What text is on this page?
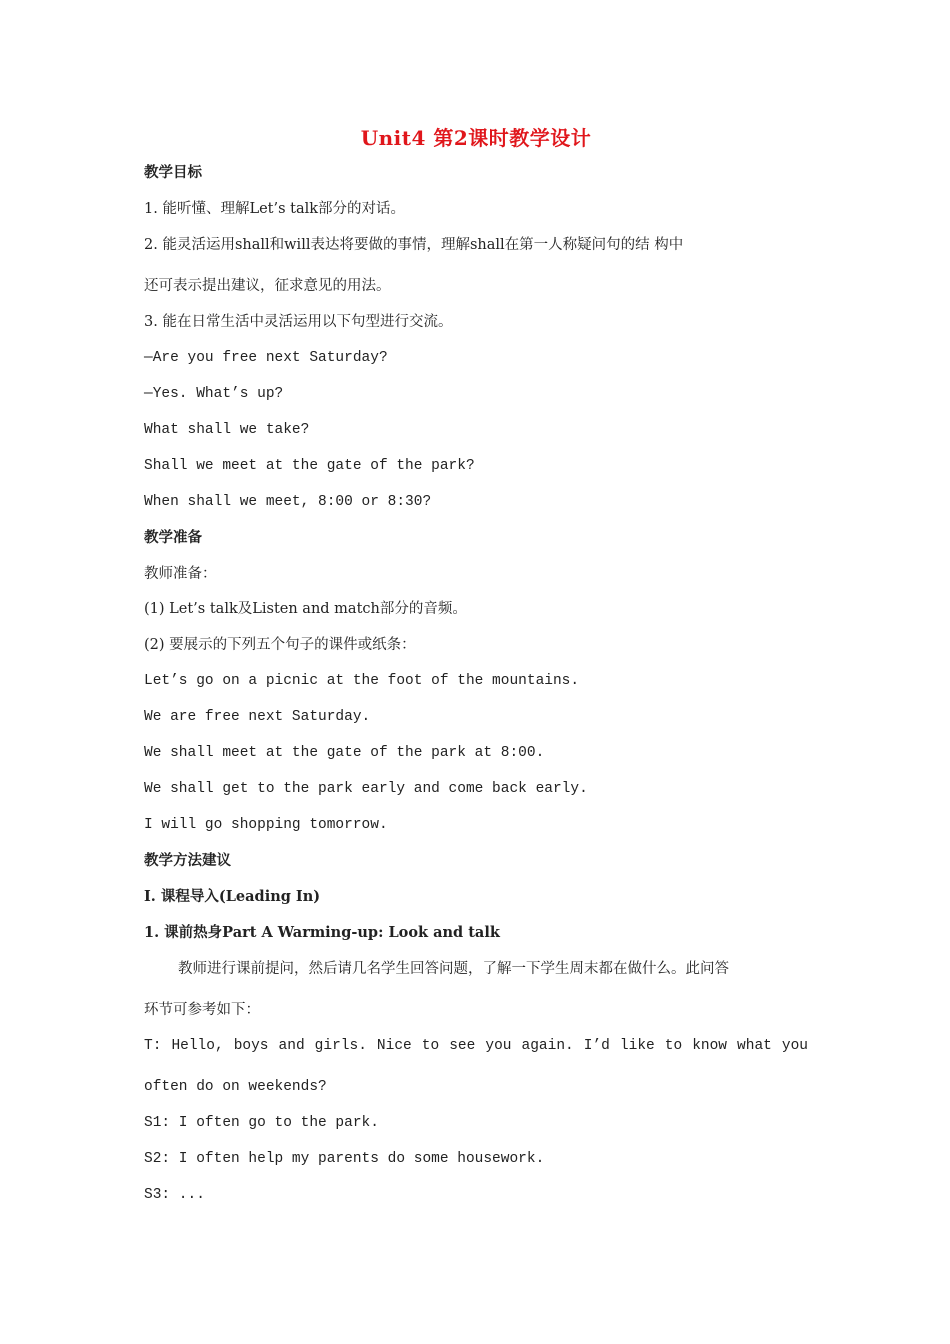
Unit4 第2课时教学设计
教学目标
1. 能听懂、理解Let’s talk部分的对话。
2. 能灵活运用shall和will表达将要做的事情，理解shall在第一人称疑问句的结 构中
还可表示提出建议，征求意见的用法。
3. 能在日常生活中灵活运用以下句型进行交流。
—Are you free next Saturday?
—Yes. What’s up?
What shall we take?
Shall we meet at the gate of the park?
When shall we meet, 8:00 or 8:30?
教学准备
教师准备：
(1) Let’s talk及Listen and match部分的音频。
(2) 要展示的下列五个句子的课件或纸条：
Let’s go on a picnic at the foot of the mountains.
We are free next Saturday.
We shall meet at the gate of the park at 8:00.
We shall get to the park early and come back early.
I will go shopping tomorrow.
教学方法建议
I. 课程导入(Leading In)
1. 课前热身Part A Warming-up: Look and talk
教师进行课前提问，然后请几名学生回答问题，了解一下学生周末都在做什么。此问答
环节可参考如下：
T: Hello, boys and girls. Nice to see you again. I’d like to know what you
often do on weekends?
S1: I often go to the park.
S2: I often help my parents do some housework.
S3: ...
